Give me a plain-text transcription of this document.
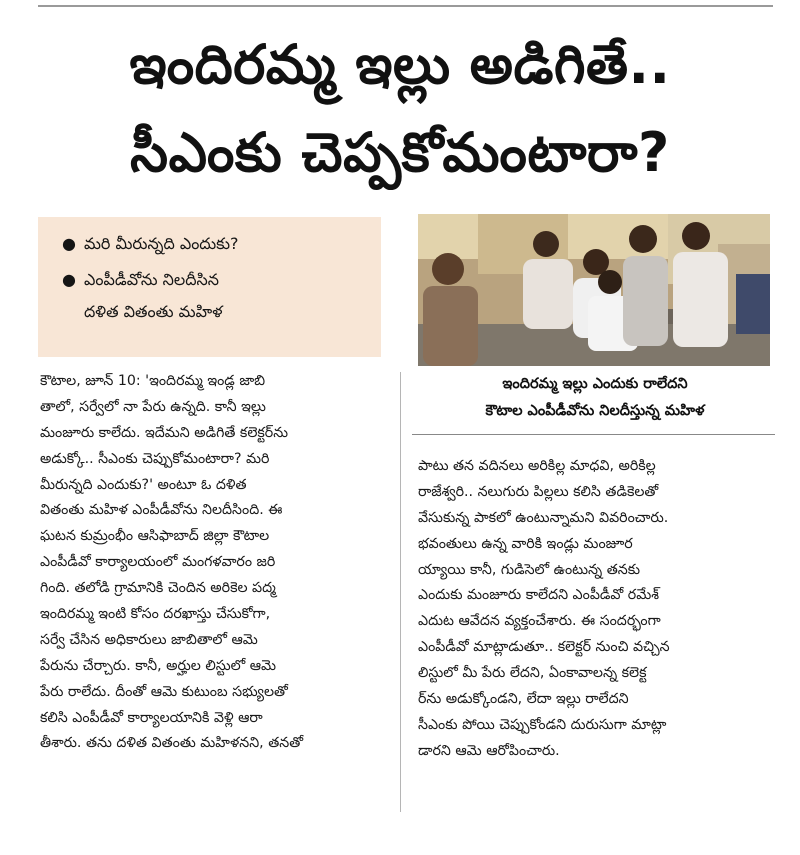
ఇందిరమ్మ ఇల్లు అడిగితే..
సీఎంకు చెప్పకోమంటారా?
● మరి మీరున్నది ఎందుకు?
● ఎంపీడీవోను నిలదీసిన
దళిత వితంతు మహిళ
ఇందిరమ్మ ఇల్లు ఎందుకు రాలేదని
కౌటాల ఎంపీడీవోను నిలదీస్తున్న మహిళ
కౌటాల, జూన్ 10: 'ఇందిరమ్మ ఇండ్ల జాబి
తాలో, సర్వేలో నా పేరు ఉన్నది. కానీ ఇల్లు
మంజూరు కాలేదు. ఇదేమని అడిగితే కలెక్టర్‌ను
అడుక్కో.. సీఎంకు చెప్పుకోమంటారా? మరి
మీరున్నది ఎందుకు?' అంటూ ఓ దళిత
వితంతు మహిళ ఎంపీడీవోను నిలదీసింది. ఈ
ఘటన కుమ్రంభీం ఆసిఫాబాద్ జిల్లా కౌటాల
ఎంపీడీవో కార్యాలయంలో మంగళవారం జరి
గింది. తలోడి గ్రామానికి చెందిన అరికెల పద్మ
ఇందిరమ్మ ఇంటి కోసం దరఖాస్తు చేసుకోగా,
సర్వే చేసిన అధికారులు జాబితాలో ఆమె
పేరును చేర్చారు. కానీ, అర్హుల లిస్టులో ఆమె
పేరు రాలేదు. దీంతో ఆమె కుటుంబ సభ్యులతో
కలిసి ఎంపీడీవో కార్యాలయానికి వెళ్లి ఆరా
తీశారు. తను దళిత వితంతు మహిళనని, తనతో
పాటు తన వదినలు అరికిల్ల మాధవి, అరికిల్ల
రాజేశ్వరి.. నలుగురు పిల్లలు కలిసి తడికెలతో
వేసుకున్న పాకలో ఉంటున్నామని వివరించారు.
భవంతులు ఉన్న వారికి ఇండ్లు మంజూర
య్యాయి కానీ, గుడిసెలో ఉంటున్న తనకు
ఎందుకు మంజూరు కాలేదని ఎంపీడీవో రమేశ్
ఎదుట ఆవేదన వ్యక్తంచేశారు. ఈ సందర్భంగా
ఎంపీడీవో మాట్లాడుతూ.. కలెక్టర్ నుంచి వచ్చిన
లిస్టులో మీ పేరు లేదని, ఏంకావాలన్న కలెక్ట
ర్‌ను అడుక్కోండని, లేదా ఇల్లు రాలేదని
సీఎంకు పోయి చెప్పుకోండని దురుసుగా మాట్లా
డారని ఆమె ఆరోపించారు.
